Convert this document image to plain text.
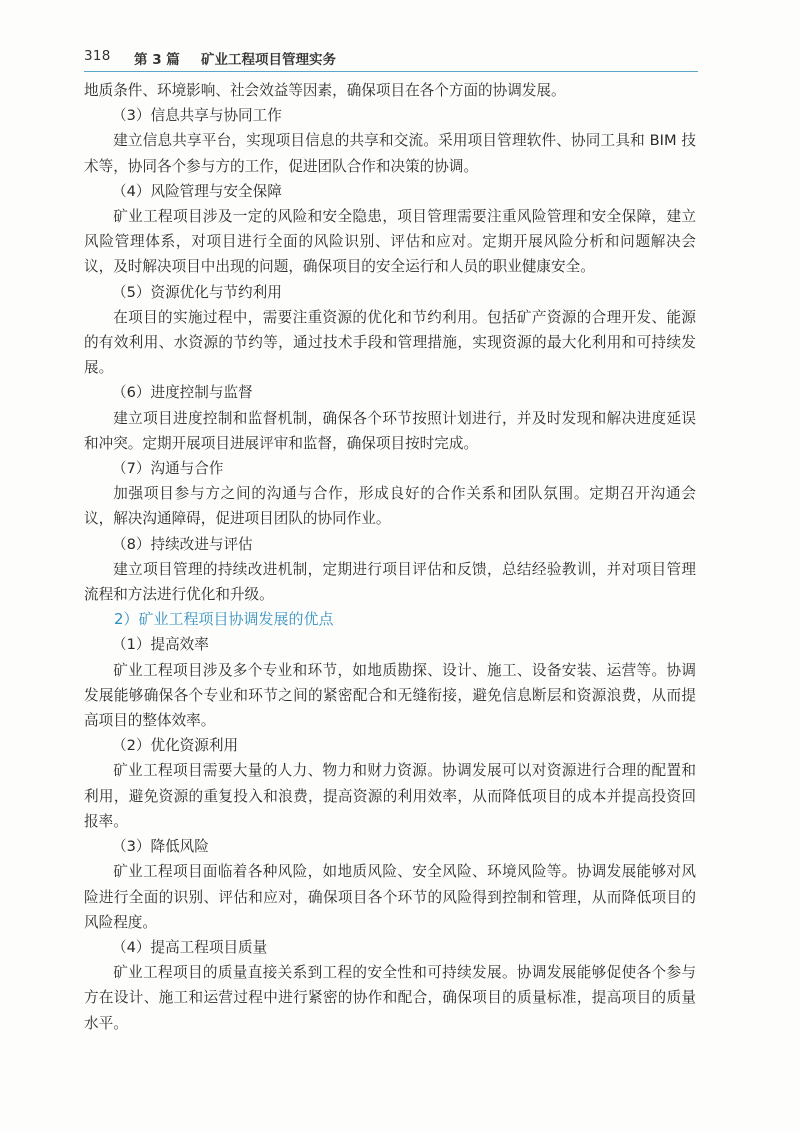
318 第 3 篇 矿业工程项目管理实务

地质条件、环境影响、社会效益等因素，确保项目在各个方面的协调发展。

（3）信息共享与协同工作

建立信息共享平台，实现项目信息的共享和交流。采用项目管理软件、协同工具和 BIM 技术等，协同各个参与方的工作，促进团队合作和决策的协调。

（4）风险管理与安全保障

矿业工程项目涉及一定的风险和安全隐患，项目管理需要注重风险管理和安全保障，建立风险管理体系，对项目进行全面的风险识别、评估和应对。定期开展风险分析和问题解决会议，及时解决项目中出现的问题，确保项目的安全运行和人员的职业健康安全。

（5）资源优化与节约利用

在项目的实施过程中，需要注重资源的优化和节约利用。包括矿产资源的合理开发、能源的有效利用、水资源的节约等，通过技术手段和管理措施，实现资源的最大化利用和可持续发展。

（6）进度控制与监督

建立项目进度控制和监督机制，确保各个环节按照计划进行，并及时发现和解决进度延误和冲突。定期开展项目进展评审和监督，确保项目按时完成。

（7）沟通与合作

加强项目参与方之间的沟通与合作，形成良好的合作关系和团队氛围。定期召开沟通会议，解决沟通障碍，促进项目团队的协同作业。

（8）持续改进与评估

建立项目管理的持续改进机制，定期进行项目评估和反馈，总结经验教训，并对项目管理流程和方法进行优化和升级。

2）矿业工程项目协调发展的优点
（1）提高效率

矿业工程项目涉及多个专业和环节，如地质勘探、设计、施工、设备安装、运营等。协调发展能够确保各个专业和环节之间的紧密配合和无缝衔接，避免信息断层和资源浪费，从而提高项目的整体效率。

（2）优化资源利用

矿业工程项目需要大量的人力、物力和财力资源。协调发展可以对资源进行合理的配置和利用，避免资源的重复投入和浪费，提高资源的利用效率，从而降低项目的成本并提高投资回报率。

（3）降低风险

矿业工程项目面临着各种风险，如地质风险、安全风险、环境风险等。协调发展能够对风险进行全面的识别、评估和应对，确保项目各个环节的风险得到控制和管理，从而降低项目的风险程度。

（4）提高工程项目质量

矿业工程项目的质量直接关系到工程的安全性和可持续发展。协调发展能够促使各个参与方在设计、施工和运营过程中进行紧密的协作和配合，确保项目的质量标准，提高项目的质量水平。
